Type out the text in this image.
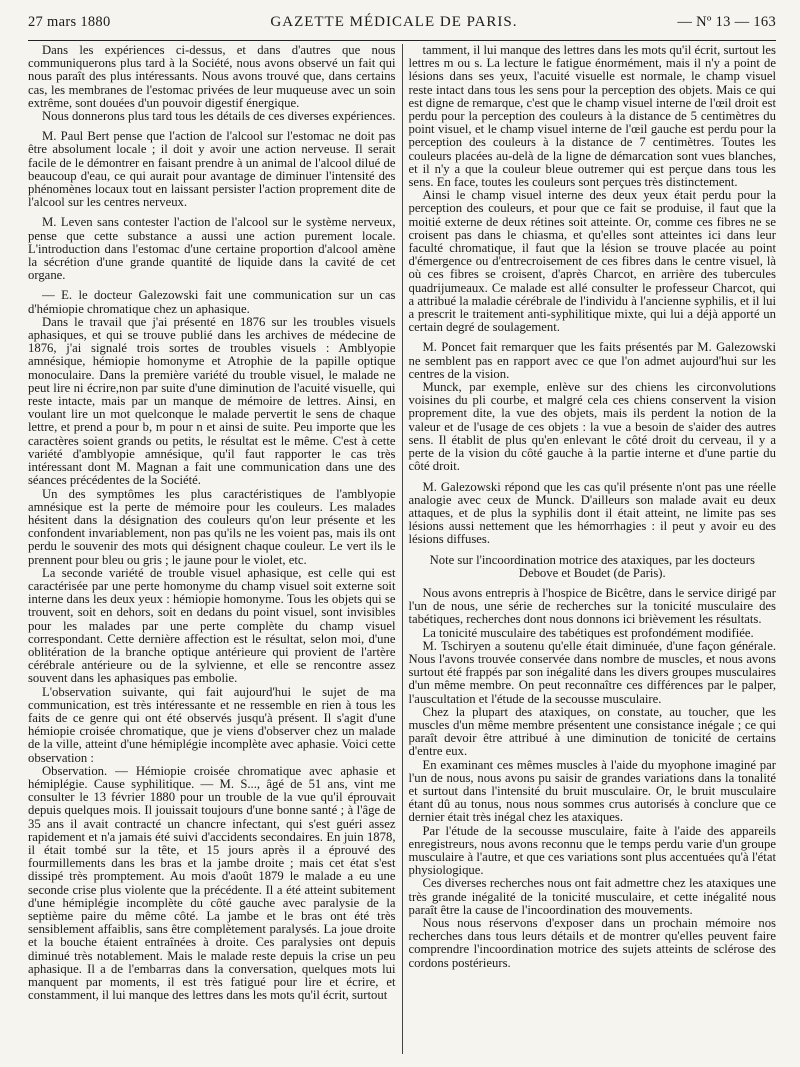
27 mars 1880	GAZETTE MÉDICALE DE PARIS.	— Nº 13 — 163

Dans les expériences ci-dessus, et dans d'autres que nous communiquerons plus tard à la Société, nous avons observé un fait qui nous paraît des plus intéressants. Nous avons trouvé que, dans certains cas, les membranes de l'estomac privées de leur muqueuse avec un soin extrême, sont douées d'un pouvoir digestif énergique.

Nous donnerons plus tard tous les détails de ces diverses expériences.

M. Paul Bert pense que l'action de l'alcool sur l'estomac ne doit pas être absolument locale ; il doit y avoir une action nerveuse. Il serait facile de le démontrer en faisant prendre à un animal de l'alcool dilué de beaucoup d'eau, ce qui aurait pour avantage de diminuer l'intensité des phénomènes locaux tout en laissant persister l'action proprement dite de l'alcool sur les centres nerveux.

M. Leven sans contester l'action de l'alcool sur le système nerveux, pense que cette substance a aussi une action purement locale. L'introduction dans l'estomac d'une certaine proportion d'alcool amène la sécrétion d'une grande quantité de liquide dans la cavité de cet organe.

— E. le docteur Galezowski fait une communication sur un cas d'hémiopie chromatique chez un aphasique.

Dans le travail que j'ai présenté en 1876 sur les troubles visuels aphasiques, et qui se trouve publié dans les archives de médecine de 1876, j'ai signalé trois sortes de troubles visuels : Amblyopie amnésique, hémiopie homonyme et Atrophie de la papille optique monoculaire. Dans la première variété du trouble visuel, le malade ne peut lire ni écrire,non par suite d'une diminution de l'acuité visuelle, qui reste intacte, mais par un manque de mémoire de lettres. Ainsi, en voulant lire un mot quelconque le malade pervertit le sens de chaque lettre, et prend a pour b, m pour n et ainsi de suite. Peu importe que les caractères soient grands ou petits, le résultat est le même. C'est à cette variété d'amblyopie amnésique, qu'il faut rapporter le cas très intéressant dont M. Magnan a fait une communication dans une des séances précédentes de la Société.

Un des symptômes les plus caractéristiques de l'amblyopie amnésique est la perte de mémoire pour les couleurs. Les malades hésitent dans la désignation des couleurs qu'on leur présente et les confondent invariablement, non pas qu'ils ne les voient pas, mais ils ont perdu le souvenir des mots qui désignent chaque couleur. Le vert ils le prennent pour bleu ou gris ; le jaune pour le violet, etc.

La seconde variété de trouble visuel aphasique, est celle qui est caractérisée par une perte homonyme du champ visuel soit externe soit interne dans les deux yeux : hémiopie homonyme. Tous les objets qui se trouvent, soit en dehors, soit en dedans du point visuel, sont invisibles pour les malades par une perte complète du champ visuel correspondant. Cette dernière affection est le résultat, selon moi, d'une oblitération de la branche optique antérieure qui provient de l'artère cérébrale antérieure ou de la sylvienne, et elle se rencontre assez souvent dans les aphasiques pas embolie.

L'observation suivante, qui fait aujourd'hui le sujet de ma communication, est très intéressante et ne ressemble en rien à tous les faits de ce genre qui ont été observés jusqu'à présent. Il s'agit d'une hémiopie croisée chromatique, que je viens d'observer chez un malade de la ville, atteint d'une hémiplégie incomplète avec aphasie. Voici cette observation :

Observation. — Hémiopie croisée chromatique avec aphasie et hémiplégie. Cause syphilitique. — M. S..., âgé de 51 ans, vint me consulter le 13 février 1880 pour un trouble de la vue qu'il éprouvait depuis quelques mois. Il jouissait toujours d'une bonne santé ; à l'âge de 35 ans il avait contracté un chancre infectant, qui s'est guéri assez rapidement et n'a jamais été suivi d'accidents secondaires. En juin 1878, il était tombé sur la tête, et 15 jours après il a éprouvé des fourmillements dans les bras et la jambe droite ; mais cet état s'est dissipé très promptement. Au mois d'août 1879 le malade a eu une seconde crise plus violente que la précédente. Il a été atteint subitement d'une hémiplégie incomplète du côté gauche avec paralysie de la septième paire du même côté. La jambe et le bras ont été très sensiblement affaiblis, sans être complètement paralysés. La joue droite et la bouche étaient entraînées à droite. Ces paralysies ont depuis diminué très notablement. Mais le malade reste depuis la crise un peu aphasique. Il a de l'embarras dans la conversation, quelques mots lui manquent par moments, il est très fatigué pour lire et écrire, et constamment, il lui manque des lettres dans les mots qu'il écrit, surtout

tamment, il lui manque des lettres dans les mots qu'il écrit, surtout les lettres m ou s. La lecture le fatigue énormément, mais il n'y a point de lésions dans ses yeux, l'acuité visuelle est normale, le champ visuel reste intact dans tous les sens pour la perception des objets. Mais ce qui est digne de remarque, c'est que le champ visuel interne de l'œil droit est perdu pour la perception des couleurs à la distance de 5 centimètres du point visuel, et le champ visuel interne de l'œil gauche est perdu pour la perception des couleurs à la distance de 7 centimètres. Toutes les couleurs placées au-delà de la ligne de démarcation sont vues blanches, et il n'y a que la couleur bleue outremer qui est perçue dans tous les sens. En face, toutes les couleurs sont perçues très distinctement.

Ainsi le champ visuel interne des deux yeux était perdu pour la perception des couleurs, et pour que ce fait se produise, il faut que la moitié externe de deux rétines soit atteinte. Or, comme ces fibres ne se croisent pas dans le chiasma, et qu'elles sont atteintes ici dans leur faculté chromatique, il faut que la lésion se trouve placée au point d'émergence ou d'entrecroisement de ces fibres dans le centre visuel, là où ces fibres se croisent, d'après Charcot, en arrière des tubercules quadrijumeaux. Ce malade est allé consulter le professeur Charcot, qui a attribué la maladie cérébrale de l'individu à l'ancienne syphilis, et il lui a prescrit le traitement anti-syphilitique mixte, qui lui a déjà apporté un certain degré de soulagement.

M. Poncet fait remarquer que les faits présentés par M. Galezowski ne semblent pas en rapport avec ce que l'on admet aujourd'hui sur les centres de la vision.

Munck, par exemple, enlève sur des chiens les circonvolutions voisines du pli courbe, et malgré cela ces chiens conservent la vision proprement dite, la vue des objets, mais ils perdent la notion de la valeur et de l'usage de ces objets : la vue a besoin de s'aider des autres sens. Il établit de plus qu'en enlevant le côté droit du cerveau, il y a perte de la vision du côté gauche à la partie interne et d'une partie du côté droit.

M. Galezowski répond que les cas qu'il présente n'ont pas une réelle analogie avec ceux de Munck. D'ailleurs son malade avait eu deux attaques, et de plus la syphilis dont il était atteint, ne limite pas ses lésions aussi nettement que les hémorrhagies : il peut y avoir eu des lésions diffuses.

Note sur l'incoordination motrice des ataxiques, par les docteurs Debove et Boudet (de Paris).

Nous avons entrepris à l'hospice de Bicêtre, dans le service dirigé par l'un de nous, une série de recherches sur la tonicité musculaire des tabétiques, recherches dont nous donnons ici brièvement les résultats.

La tonicité musculaire des tabétiques est profondément modifiée.

M. Tschiryen a soutenu qu'elle était diminuée, d'une façon générale. Nous l'avons trouvée conservée dans nombre de muscles, et nous avons surtout été frappés par son inégalité dans les divers groupes musculaires d'un même membre. On peut reconnaître ces différences par le palper, l'auscultation et l'étude de la secousse musculaire.

Chez la plupart des ataxiques, on constate, au toucher, que les muscles d'un même membre présentent une consistance inégale ; ce qui paraît devoir être attribué à une diminution de tonicité de certains d'entre eux.

En examinant ces mêmes muscles à l'aide du myophone imaginé par l'un de nous, nous avons pu saisir de grandes variations dans la tonalité et surtout dans l'intensité du bruit musculaire. Or, le bruit musculaire étant dû au tonus, nous nous sommes crus autorisés à conclure que ce dernier était très inégal chez les ataxiques.

Par l'étude de la secousse musculaire, faite à l'aide des appareils enregistreurs, nous avons reconnu que le temps perdu varie d'un groupe musculaire à l'autre, et que ces variations sont plus accentuées qu'à l'état physiologique.

Ces diverses recherches nous ont fait admettre chez les ataxiques une très grande inégalité de la tonicité musculaire, et cette inégalité nous paraît être la cause de l'incoordination des mouvements.

Nous nous réservons d'exposer dans un prochain mémoire nos recherches dans tous leurs détails et de montrer qu'elles peuvent faire comprendre l'incoordination motrice des sujets atteints de sclérose des cordons postérieurs.
